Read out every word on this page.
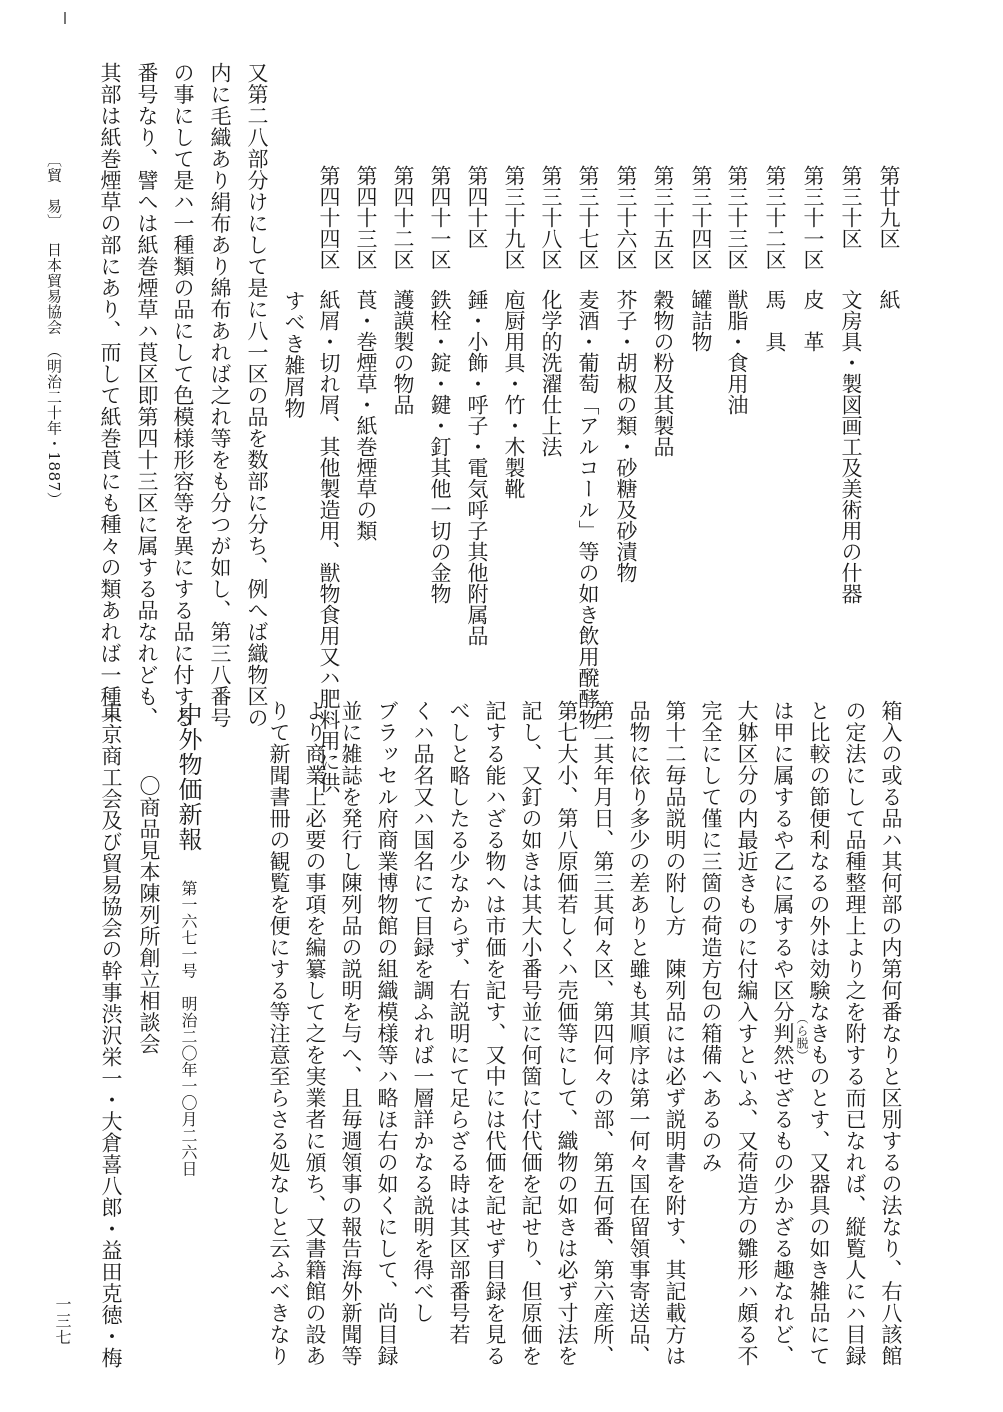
第廿九区紙
第三十区文房具・製図画工及美術用の什器
第三十一区皮　革
第三十二区馬　具
第三十三区獣脂・食用油
第三十四区罐詰物
第三十五区穀物の粉及其製品
第三十六区芥子・胡椒の類・砂糖及砂漬物
第三十七区麦酒・葡萄「アルコール」等の如き飲用醗酵物
第三十八区化学的洗濯仕上法
第三十九区庖厨用具・竹・木製靴
第四十区錘・小飾・呼子・電気呼子其他附属品
第四十一区鉄栓・錠・鍵・釘其他一切の金物
第四十二区護謨製の物品
第四十三区莨・巻煙草・紙巻煙草の類
第四十四区紙屑・切れ屑、其他製造用、獣物食用又ハ肥料用に供
すべき雑屑物
又第二八部分けにして是に八一区の品を数部に分ち、例へば織物区の
内に毛織あり絹布あり綿布あれば之れ等をも分つが如し、第三八番号
の事にして是ハ一種類の品にして色模様形容等を異にする品に付する
番号なり、譬へは紙巻煙草ハ莨区即第四十三区に属する品なれども、
其部は紙巻煙草の部にあり、而して紙巻莨にも種々の類あれば一種一
〔貿　易〕
日本貿易協会　（明治二十年・1887）
箱入の或る品ハ其何部の内第何番なりと区別するの法なり、右八該館
の定法にして品種整理上より之を附する而已なれば、縦覧人にハ目録
と比較の節便利なるの外は効験なきものとす、又器具の如き雑品にて
は甲に属するや乙に属するや区分判然せざるもの少かざる趣なれど、 （ら脱）
大躰区分の内最近きものに付編入すといふ、又荷造方の雛形ハ頗る不
完全にして僅に三箇の荷造方包の箱備へあるのみ
第十二毎品説明の附し方　陳列品には必ず説明書を附す、其記載方は
品物に依り多少の差ありと雖も其順序は第一何々国在留領事寄送品、
第二其年月日、第三其何々区、第四何々の部、第五何番、第六産所、
第七大小、第八原価若しくハ売価等にして、織物の如きは必ず寸法を
記し、又釘の如きは其大小番号並に何箇に付代価を記せり、但原価を
記する能ハざる物へは市価を記す、又中には代価を記せず目録を見る
べしと略したる少なからず、右説明にて足らざる時は其区部番号若
くハ品名又ハ国名にて目録を調ふれば一層詳かなる説明を得べし
ブラッセル府商業博物館の組織模様等ハ略ほ右の如くにして、尚目録
並に雑誌を発行し陳列品の説明を与へ、且毎週領事の報告海外新聞等
より商業上必要の事項を編纂して之を実業者に頒ち、又書籍館の設あ
りて新聞書冊の観覧を便にする等注意至らさる処なしと云ふべきなり
中外物価新報
第一六七一号　明治二〇年一〇月二六日
〇商品見本陳列所創立相談会
東京商工会及び貿易協会の幹事渋沢栄一・大倉喜八郎・益田克徳・梅
一三七
